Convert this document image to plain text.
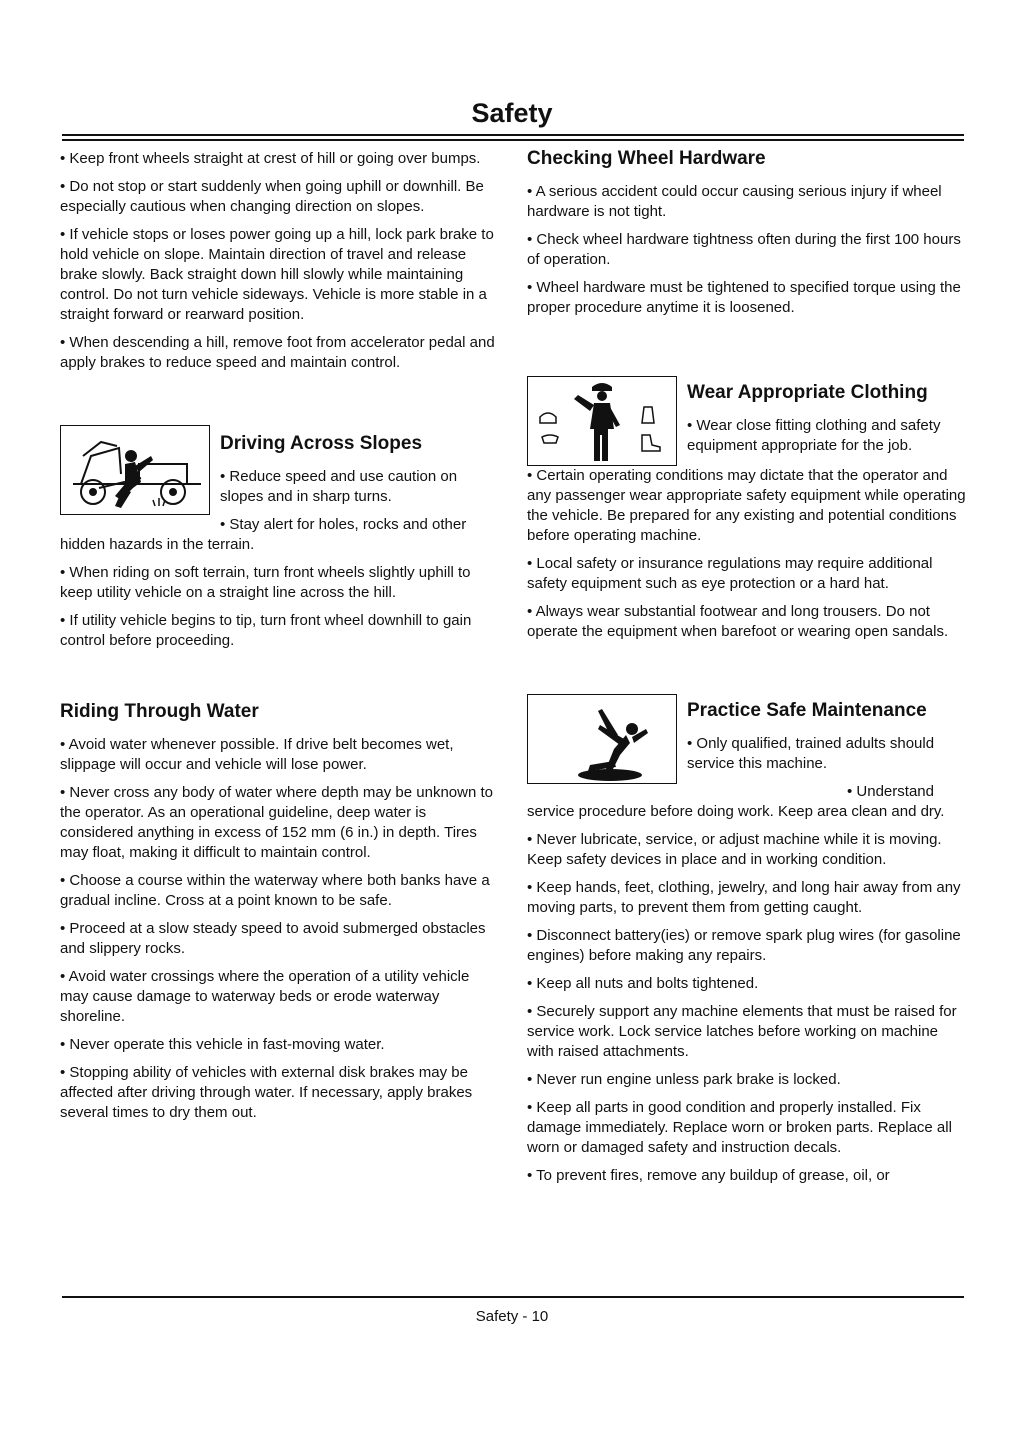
Safety

• Keep front wheels straight at crest of hill or going over bumps.

• Do not stop or start suddenly when going uphill or downhill. Be especially cautious when changing direction on slopes.

• If vehicle stops or loses power going up a hill, lock park brake to hold vehicle on slope. Maintain direction of travel and release brake slowly. Back straight down hill slowly while maintaining control. Do not turn vehicle sideways. Vehicle is more stable in a straight forward or rearward position.

• When descending a hill, remove foot from accelerator pedal and apply brakes to reduce speed and maintain control.

Driving Across Slopes

• Reduce speed and use caution on slopes and in sharp turns.

• Stay alert for holes, rocks and other hidden hazards in the terrain.

• When riding on soft terrain, turn front wheels slightly uphill to keep utility vehicle on a straight line across the hill.

• If utility vehicle begins to tip, turn front wheel downhill to gain control before proceeding.

Riding Through Water

• Avoid water whenever possible. If drive belt becomes wet, slippage will occur and vehicle will lose power.

• Never cross any body of water where depth may be unknown to the operator. As an operational guideline, deep water is considered anything in excess of 152 mm (6 in.) in depth. Tires may float, making it difficult to maintain control.

• Choose a course within the waterway where both banks have a gradual incline. Cross at a point known to be safe.

• Proceed at a slow steady speed to avoid submerged obstacles and slippery rocks.

• Avoid water crossings where the operation of a utility vehicle may cause damage to waterway beds or erode waterway shoreline.

• Never operate this vehicle in fast-moving water.

• Stopping ability of vehicles with external disk brakes may be affected after driving through water. If necessary, apply brakes several times to dry them out.

Checking Wheel Hardware

• A serious accident could occur causing serious injury if wheel hardware is not tight.

• Check wheel hardware tightness often during the first 100 hours of operation.

• Wheel hardware must be tightened to specified torque using the proper procedure anytime it is loosened.

Wear Appropriate Clothing

• Wear close fitting clothing and safety equipment appropriate for the job.

• Certain operating conditions may dictate that the operator and any passenger wear appropriate safety equipment while operating the vehicle. Be prepared for any existing and potential conditions before operating machine.

• Local safety or insurance regulations may require additional safety equipment such as eye protection or a hard hat.

• Always wear substantial footwear and long trousers. Do not operate the equipment when barefoot or wearing open sandals.

Practice Safe Maintenance

• Only qualified, trained adults should service this machine.

• Understand service procedure before doing work. Keep area clean and dry.

• Never lubricate, service, or adjust machine while it is moving. Keep safety devices in place and in working condition.

• Keep hands, feet, clothing, jewelry, and long hair away from any moving parts, to prevent them from getting caught.

• Disconnect battery(ies) or remove spark plug wires (for gasoline engines) before making any repairs.

• Keep all nuts and bolts tightened.

• Securely support any machine elements that must be raised for service work. Lock service latches before working on machine with raised attachments.

• Never run engine unless park brake is locked.

• Keep all parts in good condition and properly installed. Fix damage immediately. Replace worn or broken parts. Replace all worn or damaged safety and instruction decals.

• To prevent fires, remove any buildup of grease, oil, or

Safety - 10
